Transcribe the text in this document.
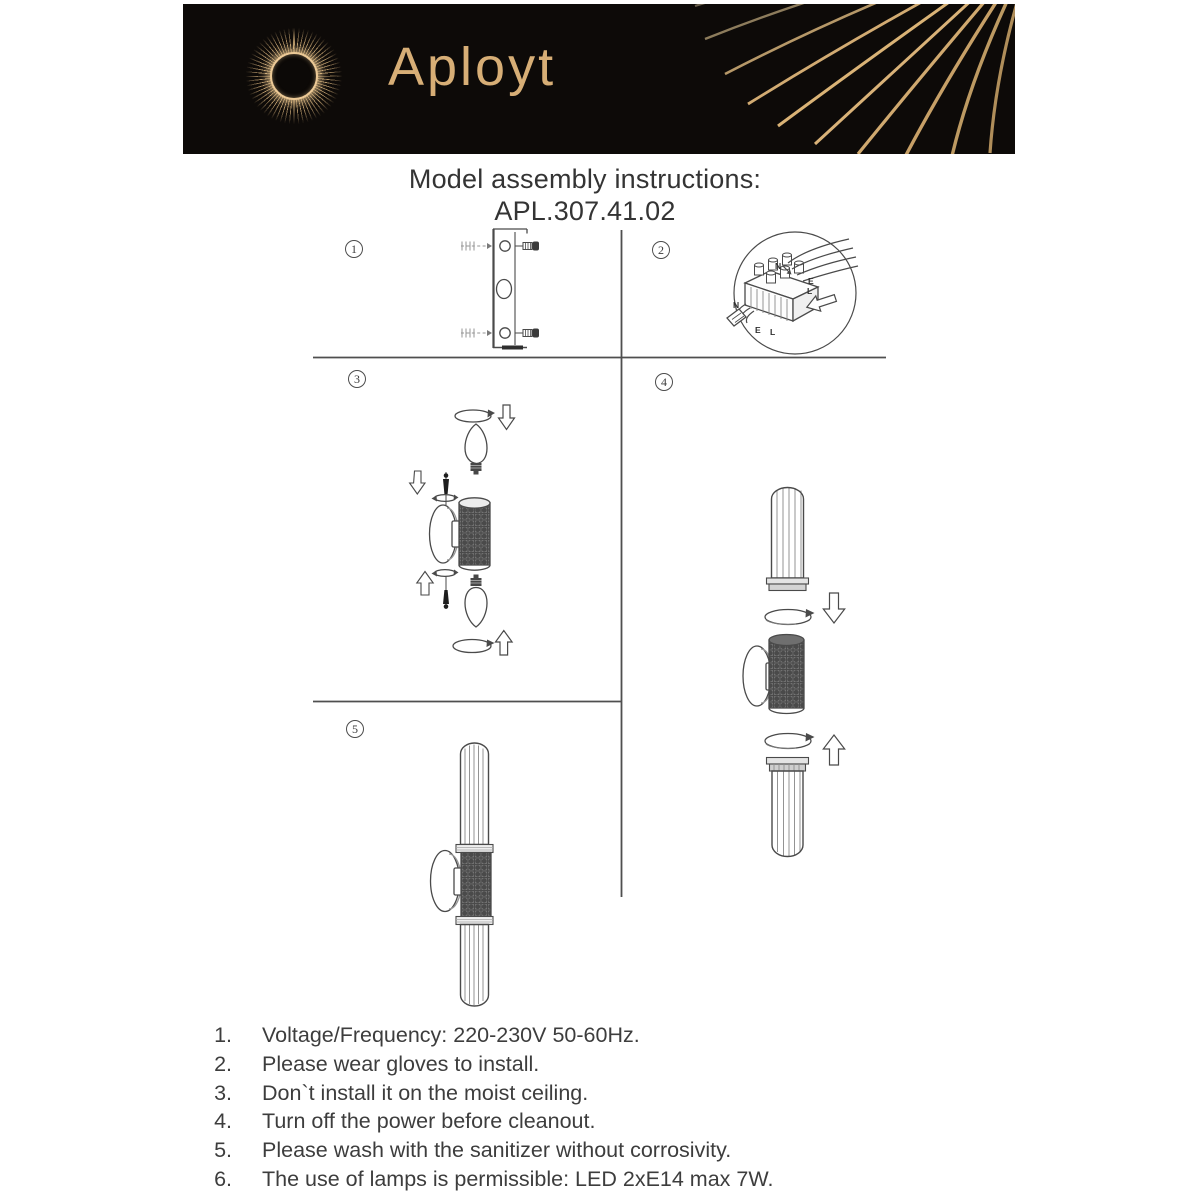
Aployt
Model assembly instructions:
APL.307.41.02
1	2
3	4
5
N
E
L
N
E L
1. Voltage/Frequency: 220-230V 50-60Hz.
2. Please wear gloves to install.
3. Don`t install it on the moist ceiling.
4. Turn off the power before cleanout.
5. Please wash with the sanitizer without corrosivity.
6. The use of lamps is permissible: LED 2xE14 max 7W.
